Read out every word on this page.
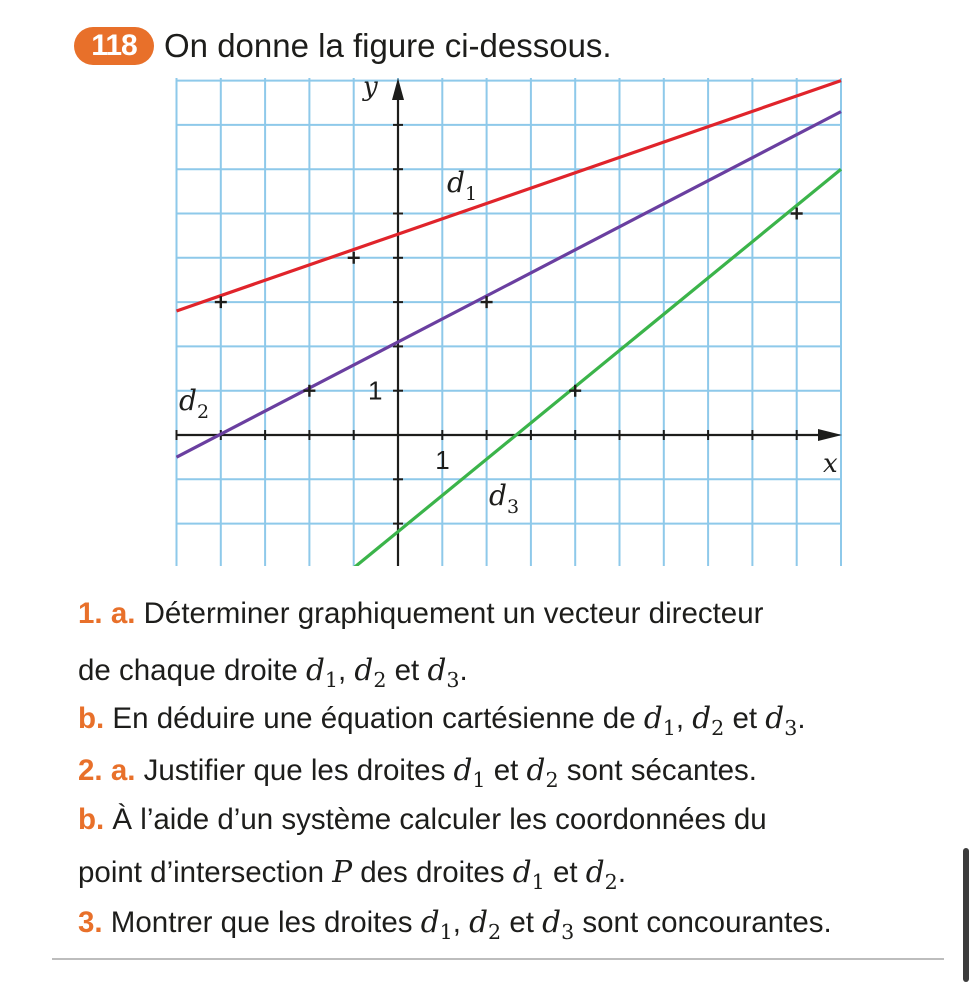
118 On donne la figure ci-dessous.
1
1
x
y
$d_1$
$d_2$
$d_3$
1. a. Déterminer graphiquement un vecteur directeur
de chaque droite $d_1$, $d_2$ et $d_3$.
b. En déduire une équation cartésienne de $d_1$, $d_2$ et $d_3$.
2. a. Justifier que les droites $d_1$ et $d_2$ sont sécantes.
b. À l’aide d’un système calculer les coordonnées du
point d’intersection P des droites $d_1$ et $d_2$.
3. Montrer que les droites $d_1$, $d_2$ et $d_3$ sont concourantes.
